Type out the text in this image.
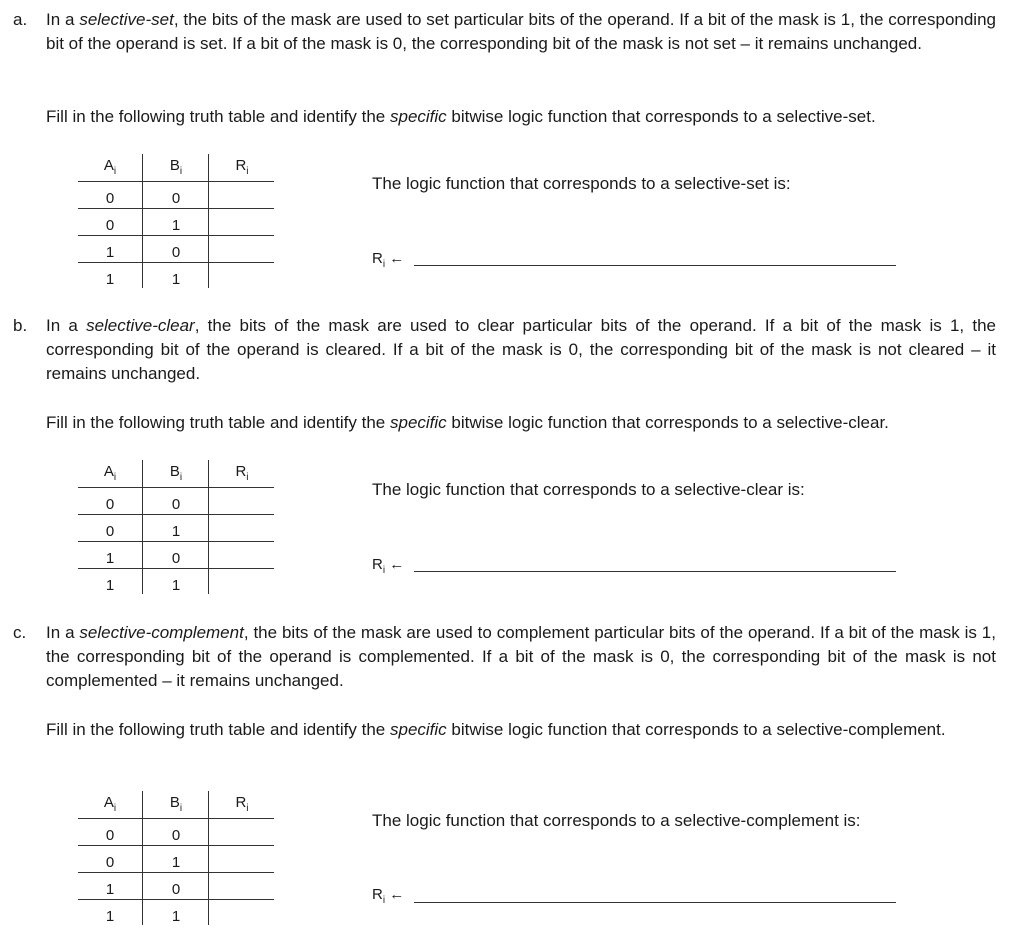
a. In a selective-set, the bits of the mask are used to set particular bits of the operand. If a bit of the mask is 1, the corresponding bit of the operand is set. If a bit of the mask is 0, the corresponding bit of the mask is not set – it remains unchanged.
Fill in the following truth table and identify the specific bitwise logic function that corresponds to a selective-set.
$A_i$	$B_i$	$R_i$
0	0
0	1
1	0
1	1
The logic function that corresponds to a selective-set is:
$R_i$ ←
b. In a selective-clear, the bits of the mask are used to clear particular bits of the operand. If a bit of the mask is 1, the corresponding bit of the operand is cleared. If a bit of the mask is 0, the corresponding bit of the mask is not cleared – it remains unchanged.
Fill in the following truth table and identify the specific bitwise logic function that corresponds to a selective-clear.
$A_i$	$B_i$	$R_i$
0	0
0	1
1	0
1	1
The logic function that corresponds to a selective-clear is:
$R_i$ ←
c. In a selective-complement, the bits of the mask are used to complement particular bits of the operand. If a bit of the mask is 1, the corresponding bit of the operand is complemented. If a bit of the mask is 0, the corresponding bit of the mask is not complemented – it remains unchanged.
Fill in the following truth table and identify the specific bitwise logic function that corresponds to a selective-complement.
$A_i$	$B_i$	$R_i$
0	0
0	1
1	0
1	1
The logic function that corresponds to a selective-complement is:
$R_i$ ←
